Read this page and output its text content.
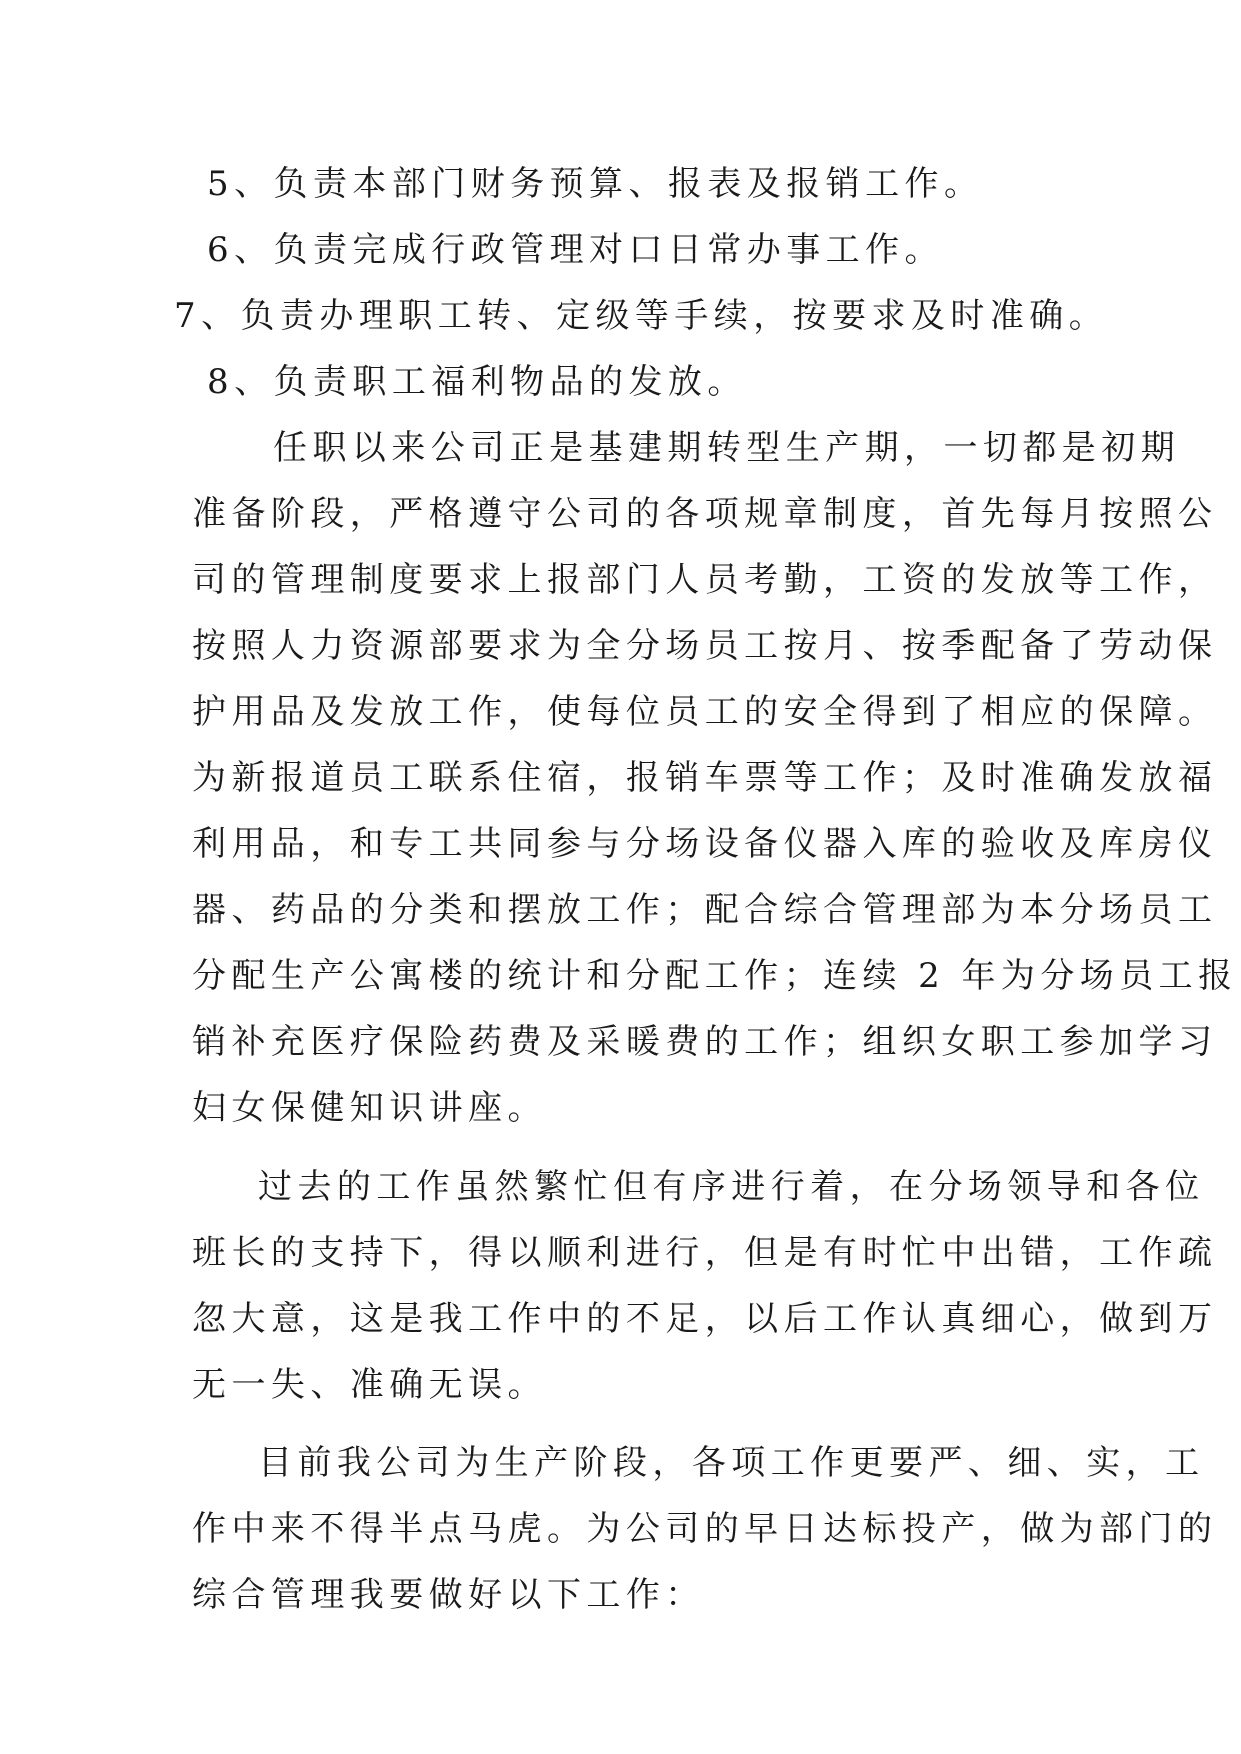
5、负责本部门财务预算、报表及报销工作。
6、负责完成行政管理对口日常办事工作。
7、负责办理职工转、定级等手续，按要求及时准确。
8、负责职工福利物品的发放。
任职以来公司正是基建期转型生产期，一切都是初期
准备阶段，严格遵守公司的各项规章制度，首先每月按照公
司的管理制度要求上报部门人员考勤，工资的发放等工作，
按照人力资源部要求为全分场员工按月、按季配备了劳动保
护用品及发放工作，使每位员工的安全得到了相应的保障。
为新报道员工联系住宿，报销车票等工作；及时准确发放福
利用品，和专工共同参与分场设备仪器入库的验收及库房仪
器、药品的分类和摆放工作；配合综合管理部为本分场员工
分配生产公寓楼的统计和分配工作；连续 2 年为分场员工报
销补充医疗保险药费及采暖费的工作；组织女职工参加学习
妇女保健知识讲座。
过去的工作虽然繁忙但有序进行着，在分场领导和各位
班长的支持下，得以顺利进行，但是有时忙中出错，工作疏
忽大意，这是我工作中的不足，以后工作认真细心，做到万
无一失、准确无误。
目前我公司为生产阶段，各项工作更要严、细、实，工
作中来不得半点马虎。为公司的早日达标投产，做为部门的
综合管理我要做好以下工作：
